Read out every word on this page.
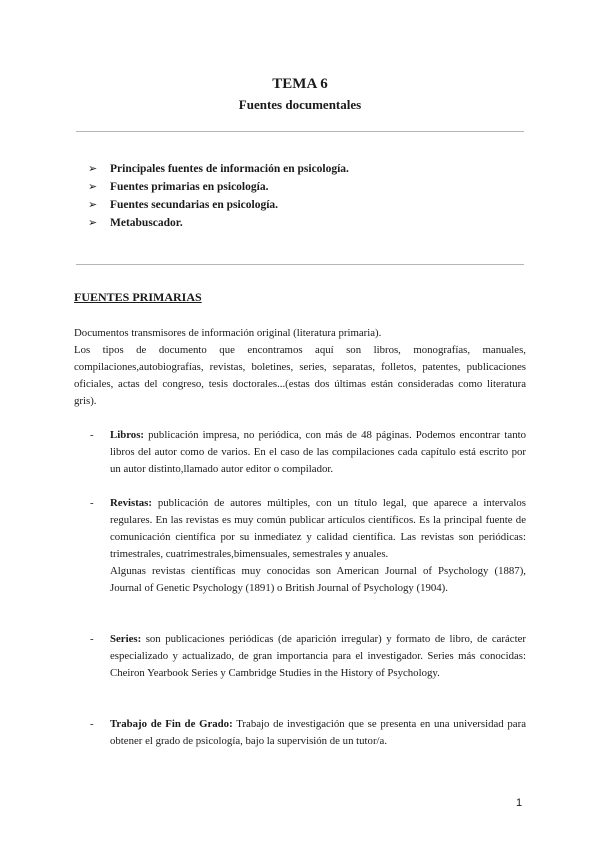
TEMA 6
Fuentes documentales
➢ Principales fuentes de información en psicología.
➢ Fuentes primarias en psicología.
➢ Fuentes secundarias en psicología.
➢ Metabuscador.
FUENTES PRIMARIAS

Documentos transmisores de información original (literatura primaria).

Los tipos de documento que encontramos aquí son libros, monografías, manuales, compilaciones,autobiografías, revistas, boletines, series, separatas, folletos, patentes, publicaciones oficiales, actas del congreso, tesis doctorales...(estas dos últimas están consideradas como literatura gris).

- Libros: publicación impresa, no periódica, con más de 48 páginas. Podemos encontrar tanto libros del autor como de varios. En el caso de las compilaciones cada capítulo está escrito por un autor distinto,llamado autor editor o compilador.

- Revistas: publicación de autores múltiples, con un título legal, que aparece a intervalos regulares. En las revistas es muy común publicar artículos científicos. Es la principal fuente de comunicación científica por su inmediatez y calidad científica. Las revistas son periódicas: trimestrales, cuatrimestrales,bimensuales, semestrales y anuales.

Algunas revistas científicas muy conocidas son American Journal of Psychology (1887), Journal of Genetic Psychology (1891) o British Journal of Psychology (1904).

- Series: son publicaciones periódicas (de aparición irregular) y formato de libro, de carácter especializado y actualizado, de gran importancia para el investigador. Series más conocidas: Cheiron Yearbook Series y Cambridge Studies in the History of Psychology.

- Trabajo de Fin de Grado: Trabajo de investigación que se presenta en una universidad para obtener el grado de psicología, bajo la supervisión de un tutor/a.

1
